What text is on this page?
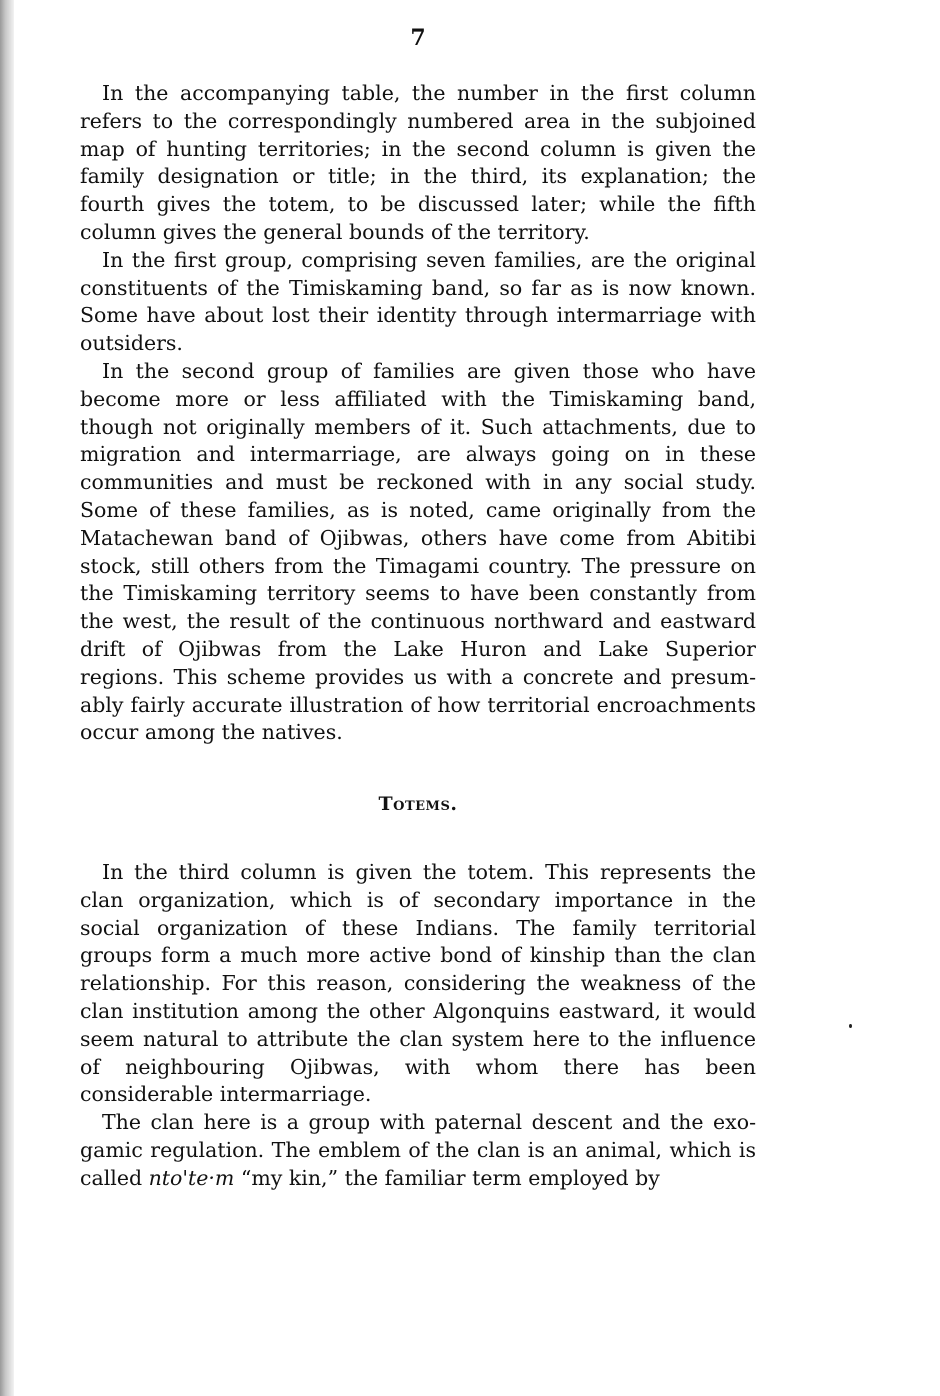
7

In the accompanying table, the number in the first column refers to the correspondingly numbered area in the subjoined map of hunting territories; in the second column is given the family designation or title; in the third, its explanation; the fourth gives the totem, to be discussed later; while the fifth column gives the general bounds of the territory.

In the first group, comprising seven families, are the original constituents of the Timiskaming band, so far as is now known. Some have about lost their identity through intermarriage with outsiders.

In the second group of families are given those who have become more or less affiliated with the Timiskaming band, though not originally members of it. Such attachments, due to migration and intermarriage, are always going on in these communities and must be reckoned with in any social study. Some of these families, as is noted, came originally from the Matachewan band of Ojibwas, others have come from Abitibi stock, still others from the Timagami country. The pressure on the Timiskaming territory seems to have been constantly from the west, the result of the continuous northward and eastward drift of Ojibwas from the Lake Huron and Lake Superior regions. This scheme provides us with a concrete and presumably fairly accurate illustration of how territorial encroachments occur among the natives.

Totems.

In the third column is given the totem. This represents the clan organization, which is of secondary importance in the social organization of these Indians. The family territorial groups form a much more active bond of kinship than the clan relationship. For this reason, considering the weakness of the clan institution among the other Algonquins eastward, it would seem natural to attribute the clan system here to the influence of neighbouring Ojibwas, with whom there has been considerable intermarriage.

The clan here is a group with paternal descent and the exogamic regulation. The emblem of the clan is an animal, which is called nto'te·m “my kin,” the familiar term employed by
